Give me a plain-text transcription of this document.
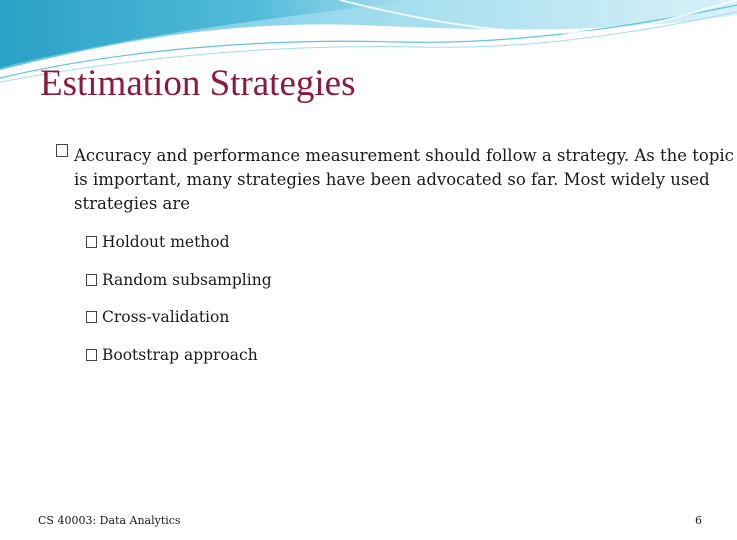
Estimation Strategies
Accuracy and performance measurement should follow a strategy. As the topic is important, many strategies have been advocated so far. Most widely used strategies are
Holdout method
Random subsampling
Cross-validation
Bootstrap approach
CS 40003: Data Analytics	6
